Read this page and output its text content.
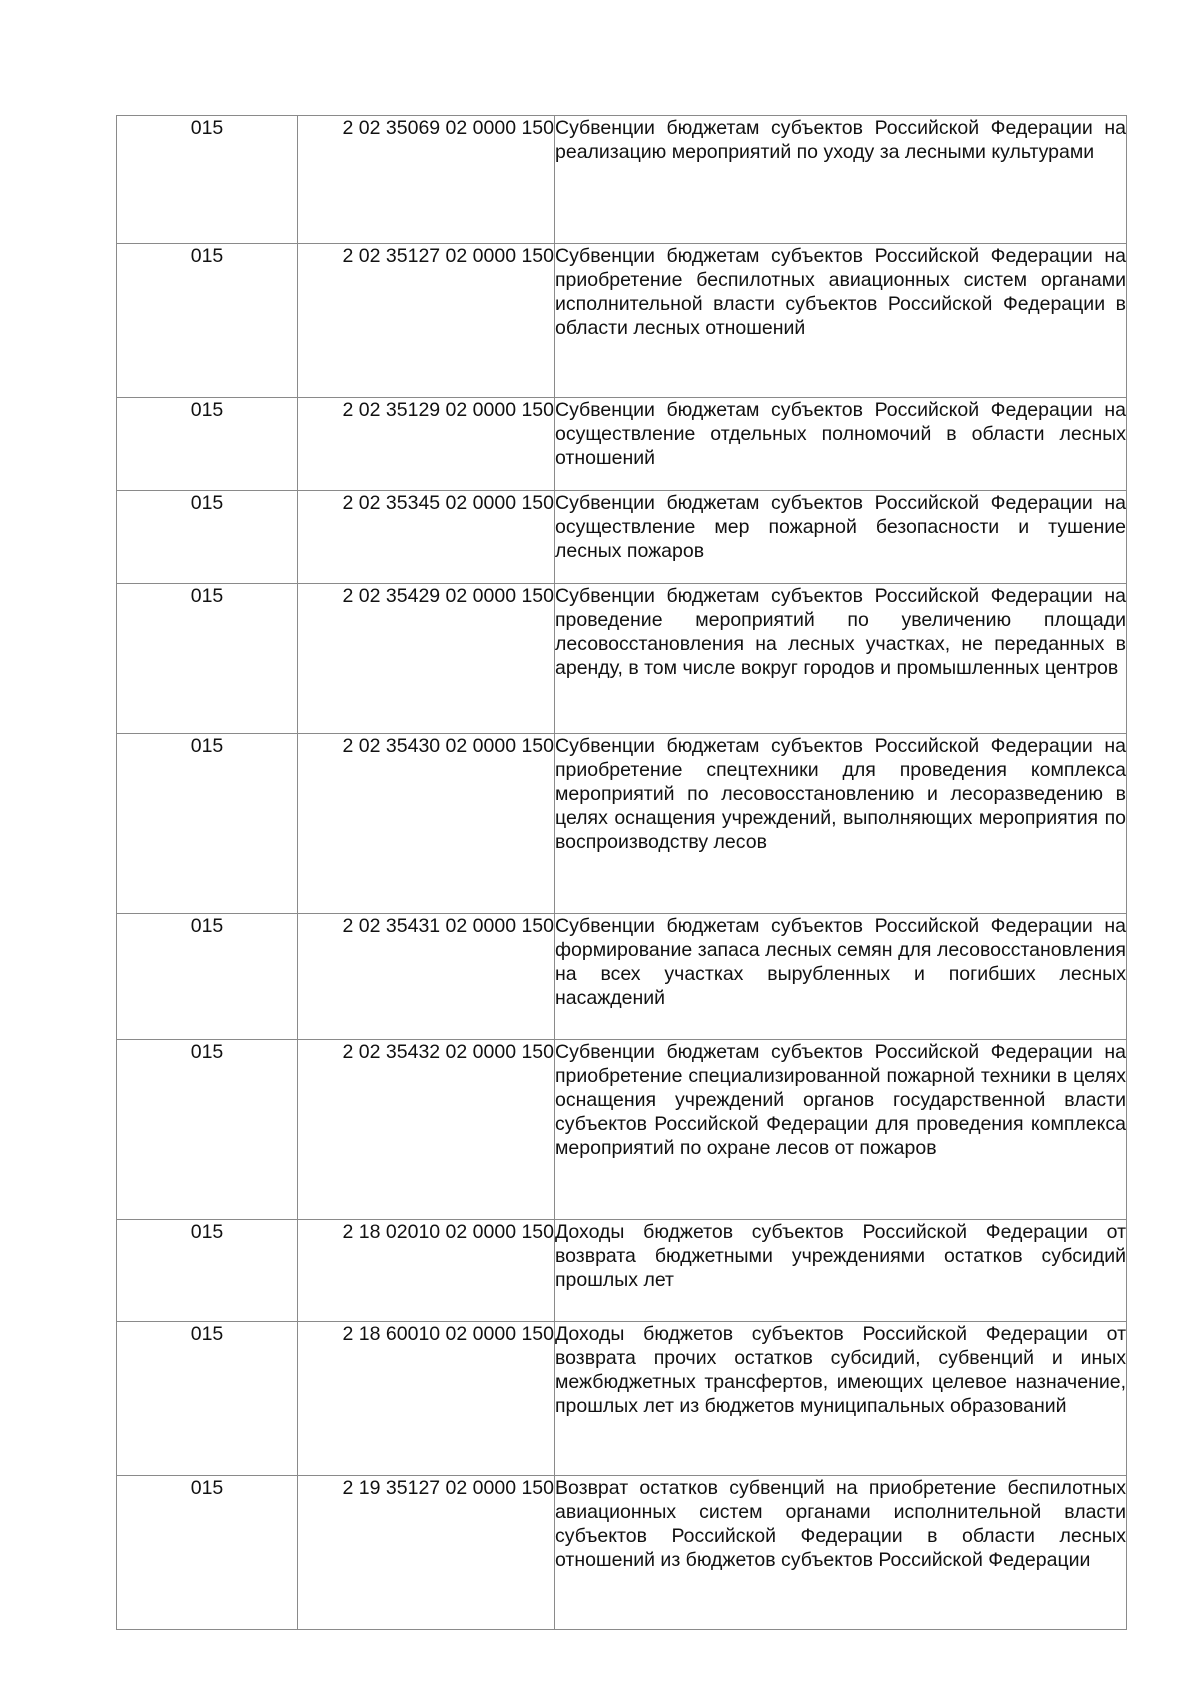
015	2 02 35069 02 0000 150	Субвенции бюджетам субъектов Российской Федерации на реализацию мероприятий по уходу за лесными культурами

015	2 02 35127 02 0000 150	Субвенции бюджетам субъектов Российской Федерации на приобретение беспилотных авиационных систем органами исполнительной власти субъектов Российской Федерации в области лесных отношений

015	2 02 35129 02 0000 150	Субвенции бюджетам субъектов Российской Федерации на осуществление отдельных полномочий в области лесных отношений

015	2 02 35345 02 0000 150	Субвенции бюджетам субъектов Российской Федерации на осуществление мер пожарной безопасности и тушение лесных пожаров

015	2 02 35429 02 0000 150	Субвенции бюджетам субъектов Российской Федерации на проведение мероприятий по увеличению площади лесовосстановления на лесных участках, не переданных в аренду, в том числе вокруг городов и промышленных центров

015	2 02 35430 02 0000 150	Субвенции бюджетам субъектов Российской Федерации на приобретение спецтехники для проведения комплекса мероприятий по лесовосстановлению и лесоразведению в целях оснащения учреждений, выполняющих мероприятия по воспроизводству лесов

015	2 02 35431 02 0000 150	Субвенции бюджетам субъектов Российской Федерации на формирование запаса лесных семян для лесовосстановления на всех участках вырубленных и погибших лесных насаждений

015	2 02 35432 02 0000 150	Субвенции бюджетам субъектов Российской Федерации на приобретение специализированной пожарной техники в целях оснащения учреждений органов государственной власти субъектов Российской Федерации для проведения комплекса мероприятий по охране лесов от пожаров

015	2 18 02010 02 0000 150	Доходы бюджетов субъектов Российской Федерации от возврата бюджетными учреждениями остатков субсидий прошлых лет

015	2 18 60010 02 0000 150	Доходы бюджетов субъектов Российской Федерации от возврата прочих остатков субсидий, субвенций и иных межбюджетных трансфертов, имеющих целевое назначение, прошлых лет из бюджетов муниципальных образований

015	2 19 35127 02 0000 150	Возврат остатков субвенций на приобретение беспилотных авиационных систем органами исполнительной власти субъектов Российской Федерации в области лесных отношений из бюджетов субъектов Российской Федерации
